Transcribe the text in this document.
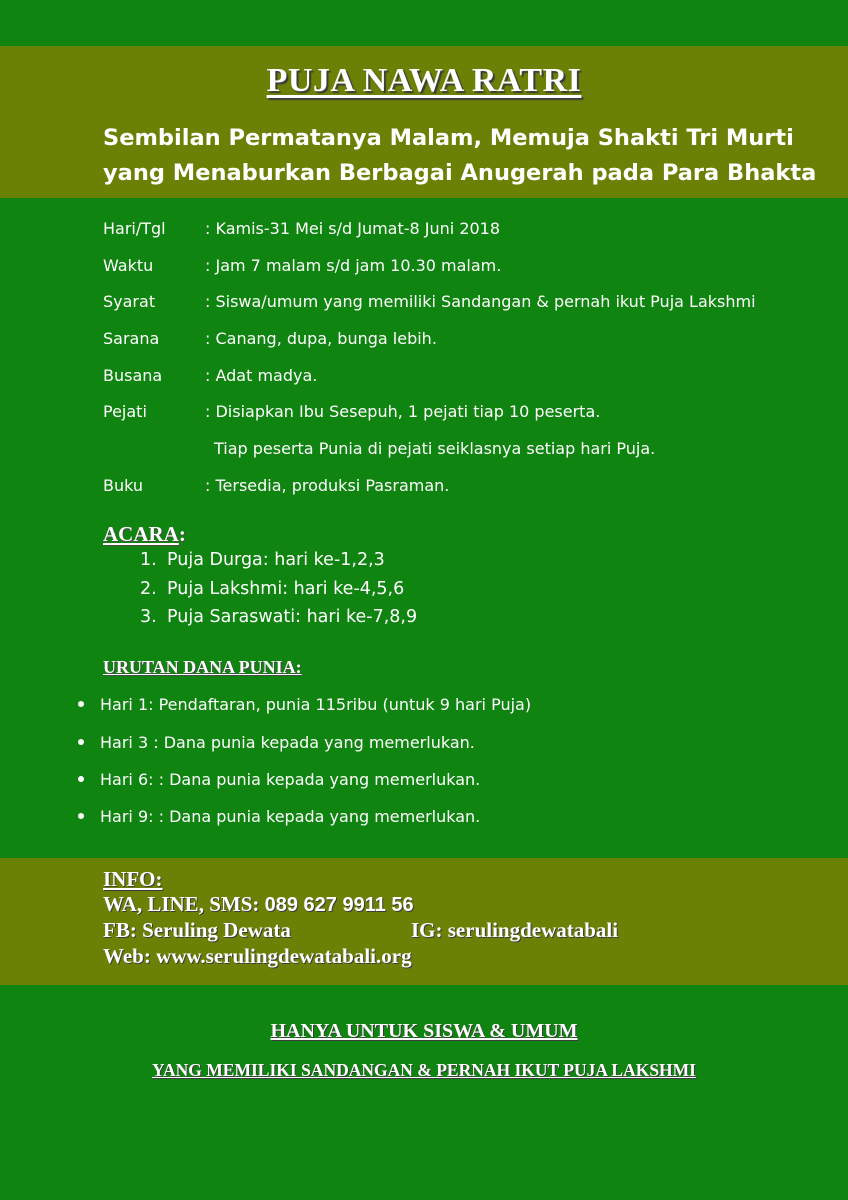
PUJA NAWA RATRI
Sembilan Permatanya Malam, Memuja Shakti Tri Murti
yang Menaburkan Berbagai Anugerah pada Para Bhakta
Hari/Tgl : Kamis-31 Mei s/d Jumat-8 Juni 2018
Waktu	: Jam 7 malam s/d jam 10.30 malam.
Syarat	: Siswa/umum yang memiliki Sandangan & pernah ikut Puja Lakshmi
Sarana	: Canang, dupa, bunga lebih.
Busana	: Adat madya.
Pejati	: Disiapkan Ibu Sesepuh, 1 pejati tiap 10 peserta.
Tiap peserta Punia di pejati seiklasnya setiap hari Puja.
Buku	: Tersedia, produksi Pasraman.
ACARA:
1. Puja Durga: hari ke-1,2,3
2. Puja Lakshmi: hari ke-4,5,6
3. Puja Saraswati: hari ke-7,8,9
URUTAN DANA PUNIA:
Hari 1: Pendaftaran, punia 115ribu (untuk 9 hari Puja)
Hari 3 : Dana punia kepada yang memerlukan.
Hari 6: : Dana punia kepada yang memerlukan.
Hari 9: : Dana punia kepada yang memerlukan.
INFO:
WA, LINE, SMS: 089 627 9911 56
FB: Seruling Dewata	IG: serulingdewatabali
Web: www.serulingdewatabali.org
HANYA UNTUK SISWA & UMUM
YANG MEMILIKI SANDANGAN & PERNAH IKUT PUJA LAKSHMI
